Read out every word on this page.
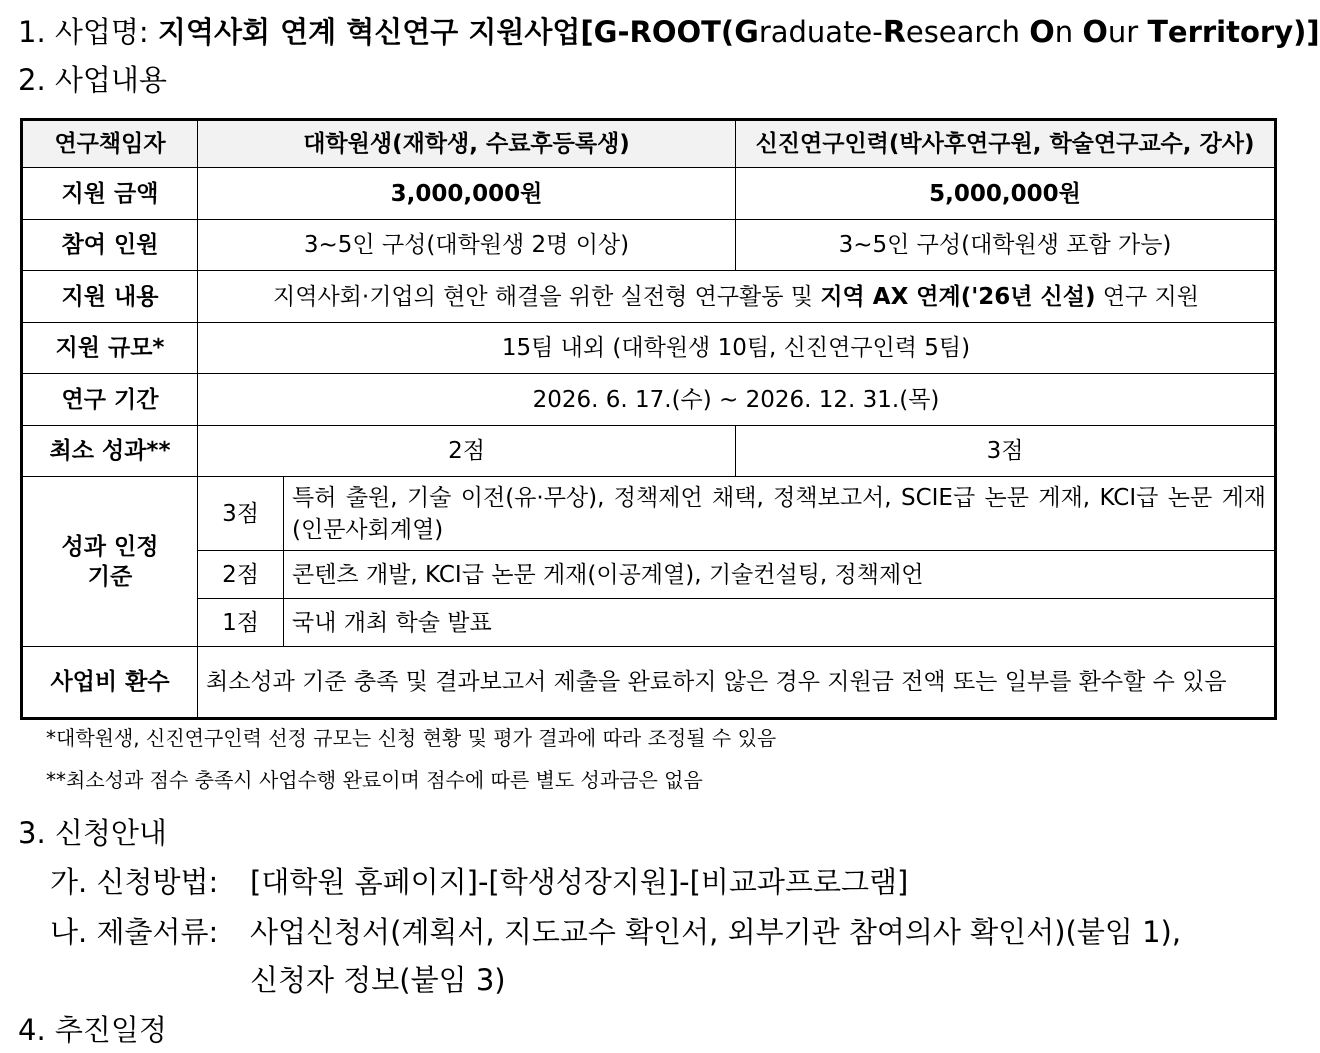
1. 사업명: 지역사회 연계 혁신연구 지원사업[G-ROOT(Graduate-Research On Our Territory)]
2. 사업내용
연구책임자	대학원생(재학생, 수료후등록생)		신진연구인력(박사후연구원, 학술연구교수, 강사)
지원 금액	3,000,000원		5,000,000원
참여 인원	3~5인 구성(대학원생 2명 이상)		3~5인 구성(대학원생 포함 가능)
지원 내용	지역사회·기업의 현안 해결을 위한 실전형 연구활동 및 지역 AX 연계('26년 신설) 연구 지원		
지원 규모*	15팀 내외 (대학원생 10팀, 신진연구인력 5팀)		
연구 기간	2026. 6. 17.(수) ~ 2026. 12. 31.(목)		
최소 성과**	2점		3점

성과 인정
기준	3점	특허 출원, 기술 이전(유·무상), 정책제언 채택, 정책보고서, SCIE급 논문 게재, KCI급 논문 게재(인문사회계열)	
	2점	콘텐츠 개발, KCI급 논문 게재(이공계열), 기술컨설팅, 정책제언	
	1점	국내 개최 학술 발표	
사업비 환수	최소성과 기준 충족 및 결과보고서 제출을 완료하지 않은 경우 지원금 전액 또는 일부를 환수할 수 있음		
*대학원생, 신진연구인력 선정 규모는 신청 현황 및 평가 결과에 따라 조정될 수 있음
**최소성과 점수 충족시 사업수행 완료이며 점수에 따른 별도 성과금은 없음
3. 신청안내
가. 신청방법: [대학원 홈페이지]-[학생성장지원]-[비교과프로그램]
나. 제출서류: 사업신청서(계획서, 지도교수 확인서, 외부기관 참여의사 확인서)(붙임 1),
신청자 정보(붙임 3)
4. 추진일정
